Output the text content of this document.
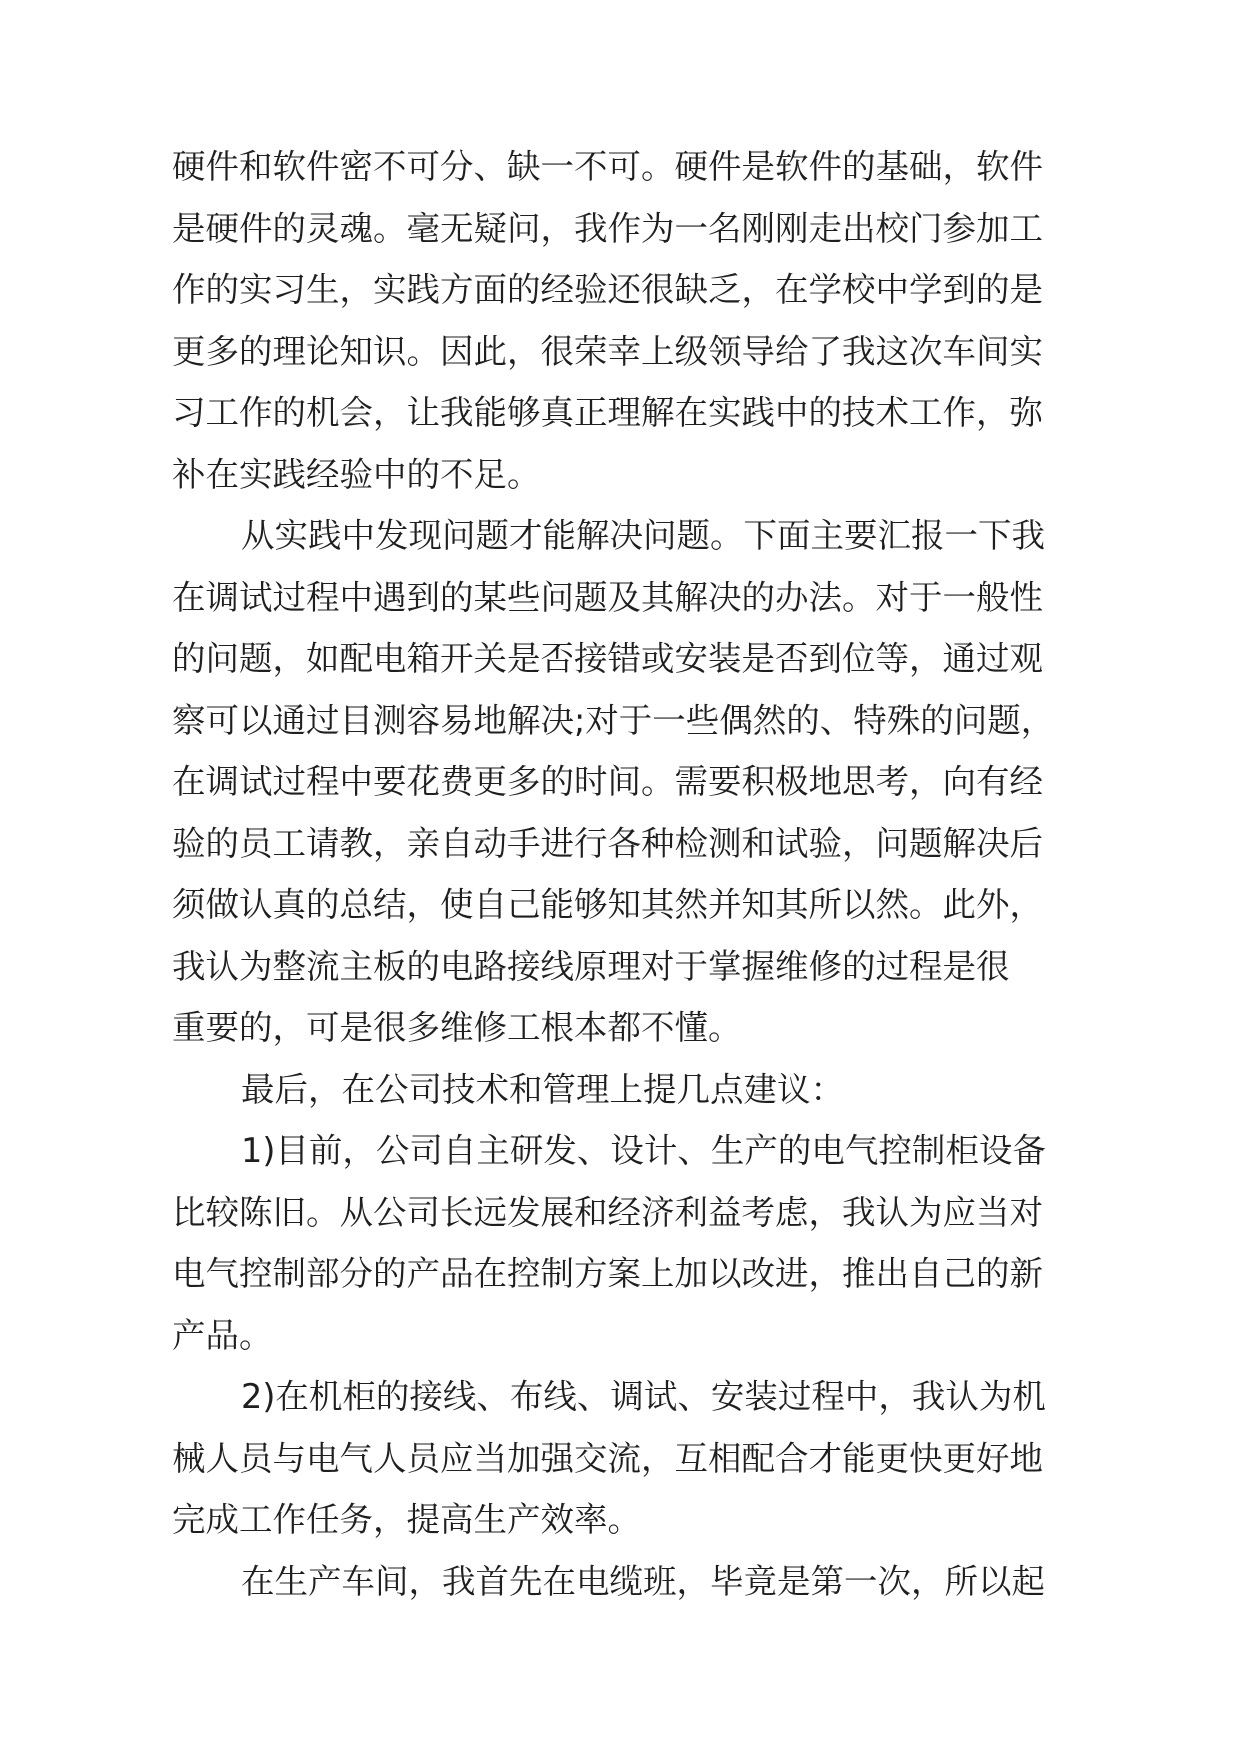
硬件和软件密不可分、缺一不可。硬件是软件的基础，软件
是硬件的灵魂。毫无疑问，我作为一名刚刚走出校门参加工
作的实习生，实践方面的经验还很缺乏，在学校中学到的是
更多的理论知识。因此，很荣幸上级领导给了我这次车间实
习工作的机会，让我能够真正理解在实践中的技术工作，弥
补在实践经验中的不足。
从实践中发现问题才能解决问题。下面主要汇报一下我
在调试过程中遇到的某些问题及其解决的办法。对于一般性
的问题，如配电箱开关是否接错或安装是否到位等，通过观
察可以通过目测容易地解决;对于一些偶然的、特殊的问题，
在调试过程中要花费更多的时间。需要积极地思考，向有经
验的员工请教，亲自动手进行各种检测和试验，问题解决后
须做认真的总结，使自己能够知其然并知其所以然。此外，
我认为整流主板的电路接线原理对于掌握维修的过程是很
重要的，可是很多维修工根本都不懂。
最后，在公司技术和管理上提几点建议：
1)目前，公司自主研发、设计、生产的电气控制柜设备
比较陈旧。从公司长远发展和经济利益考虑，我认为应当对
电气控制部分的产品在控制方案上加以改进，推出自己的新
产品。
2)在机柜的接线、布线、调试、安装过程中，我认为机
械人员与电气人员应当加强交流，互相配合才能更快更好地
完成工作任务，提高生产效率。
在生产车间，我首先在电缆班，毕竟是第一次，所以起
